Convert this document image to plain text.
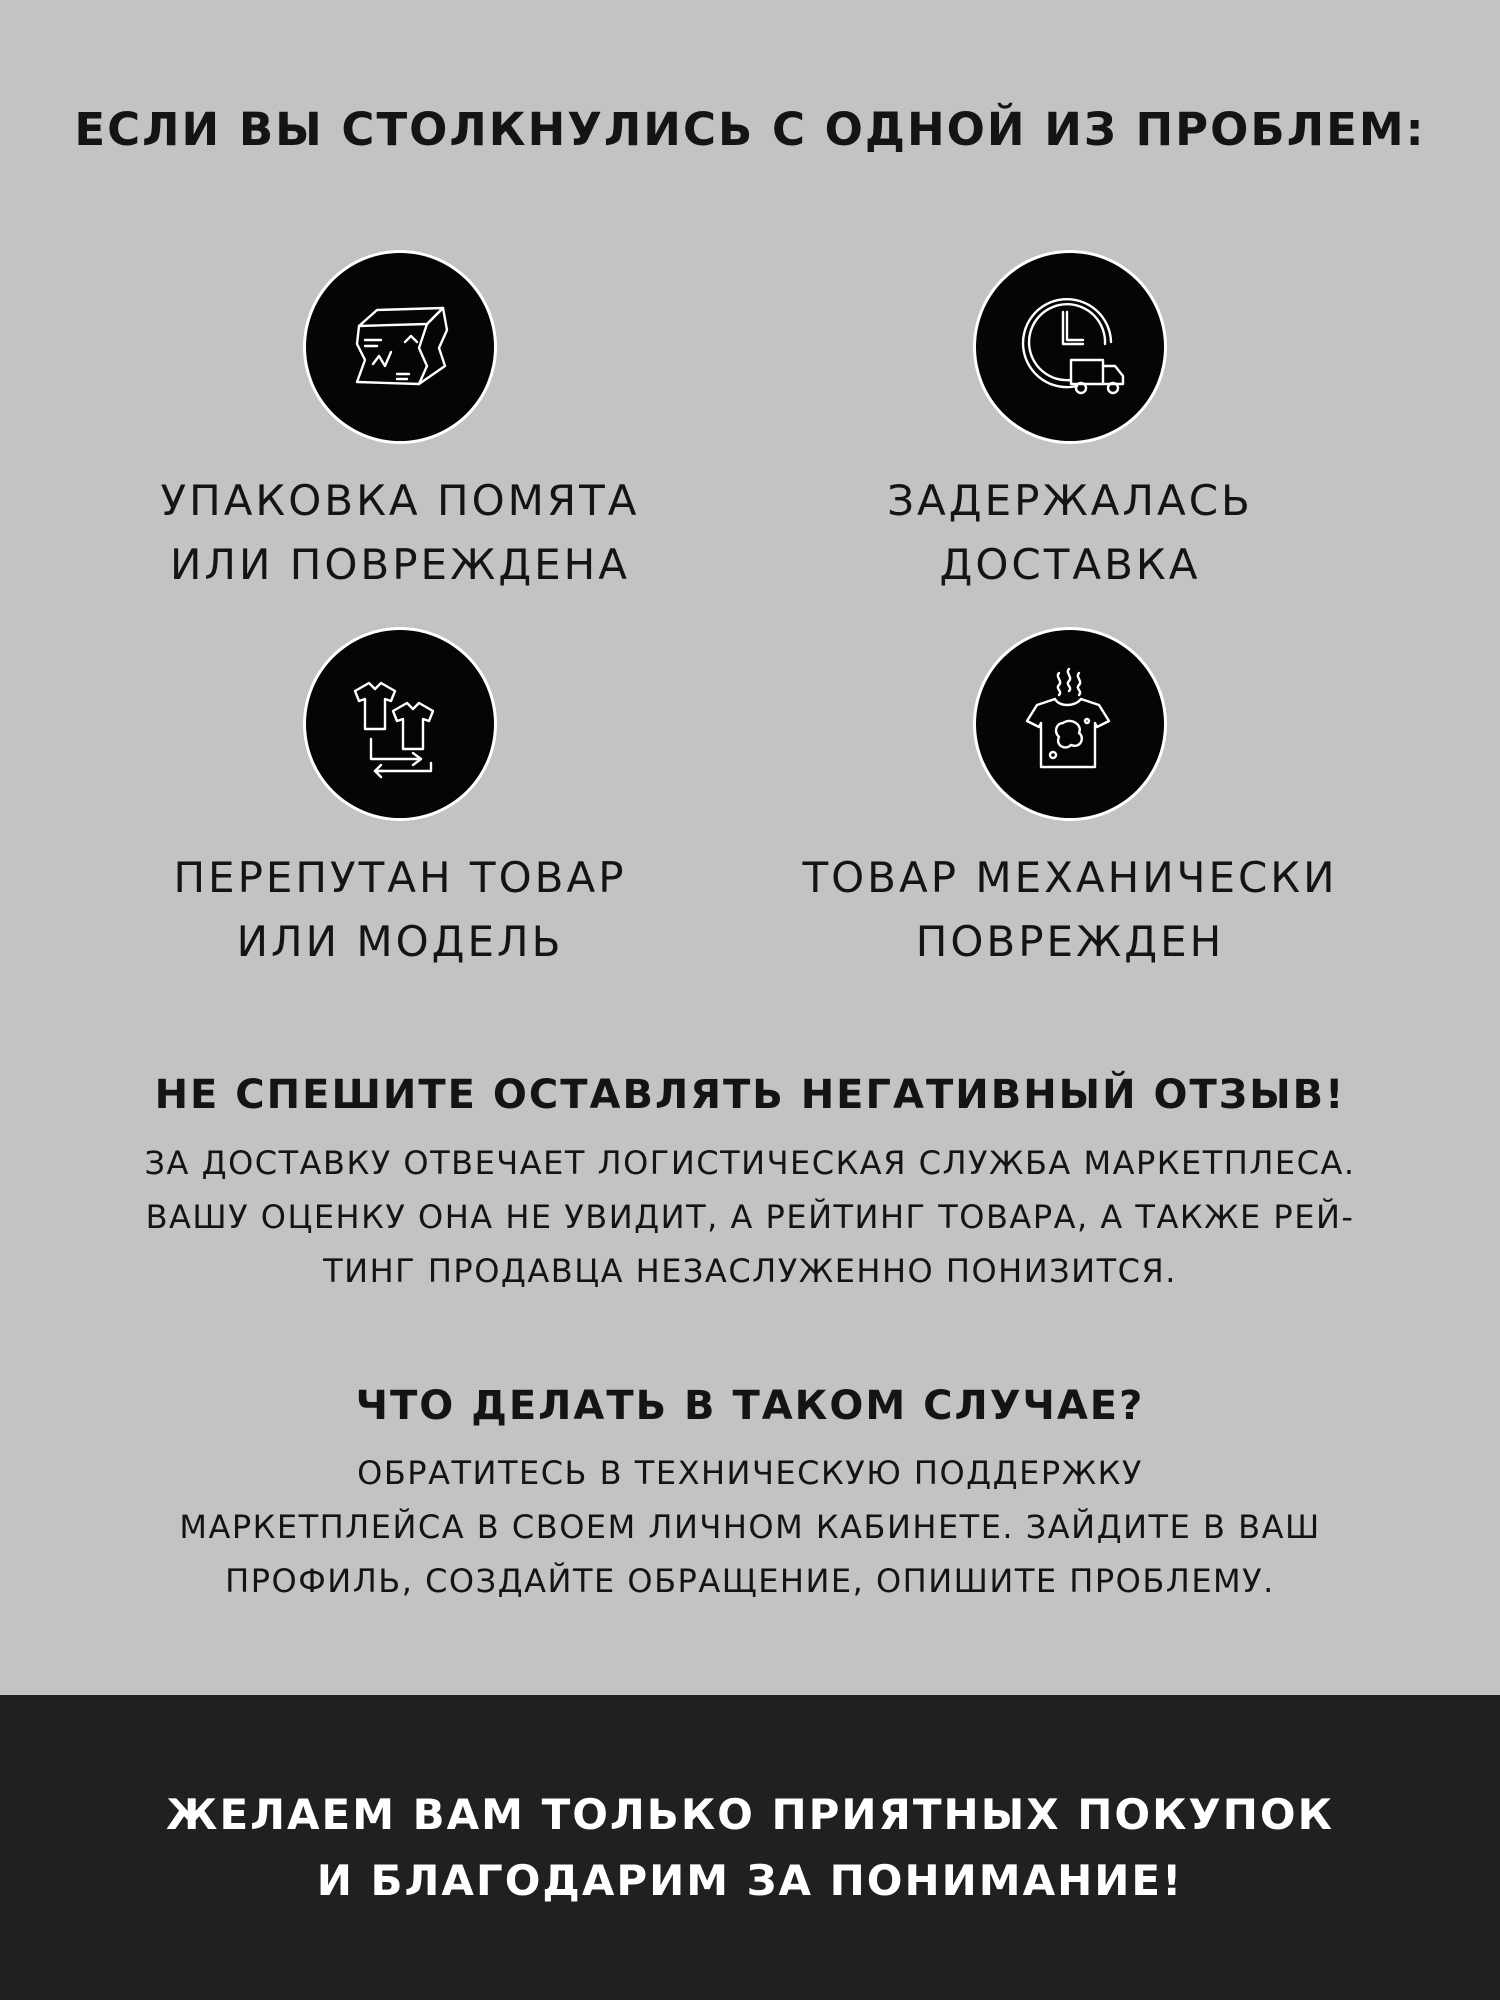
ЕСЛИ ВЫ СТОЛКНУЛИСЬ С ОДНОЙ ИЗ ПРОБЛЕМ:
УПАКОВКА ПОМЯТА
ИЛИ ПОВРЕЖДЕНА
ЗАДЕРЖАЛАСЬ
ДОСТАВКА
ПЕРЕПУТАН ТОВАР
ИЛИ МОДЕЛЬ
ТОВАР МЕХАНИЧЕСКИ
ПОВРЕЖДЕН
НЕ СПЕШИТЕ ОСТАВЛЯТЬ НЕГАТИВНЫЙ ОТЗЫВ!
ЗА ДОСТАВКУ ОТВЕЧАЕТ ЛОГИСТИЧЕСКАЯ СЛУЖБА МАРКЕТПЛЕСА.
ВАШУ ОЦЕНКУ ОНА НЕ УВИДИТ, А РЕЙТИНГ ТОВАРА, А ТАКЖЕ РЕЙ-
ТИНГ ПРОДАВЦА НЕЗАСЛУЖЕННО ПОНИЗИТСЯ.
ЧТО ДЕЛАТЬ В ТАКОМ СЛУЧАЕ?
ОБРАТИТЕСЬ В ТЕХНИЧЕСКУЮ ПОДДЕРЖКУ
МАРКЕТПЛЕЙСА В СВОЕМ ЛИЧНОМ КАБИНЕТЕ. ЗАЙДИТЕ В ВАШ
ПРОФИЛЬ, СОЗДАЙТЕ ОБРАЩЕНИЕ, ОПИШИТЕ ПРОБЛЕМУ.
ЖЕЛАЕМ ВАМ ТОЛЬКО ПРИЯТНЫХ ПОКУПОК
И БЛАГОДАРИМ ЗА ПОНИМАНИЕ!
